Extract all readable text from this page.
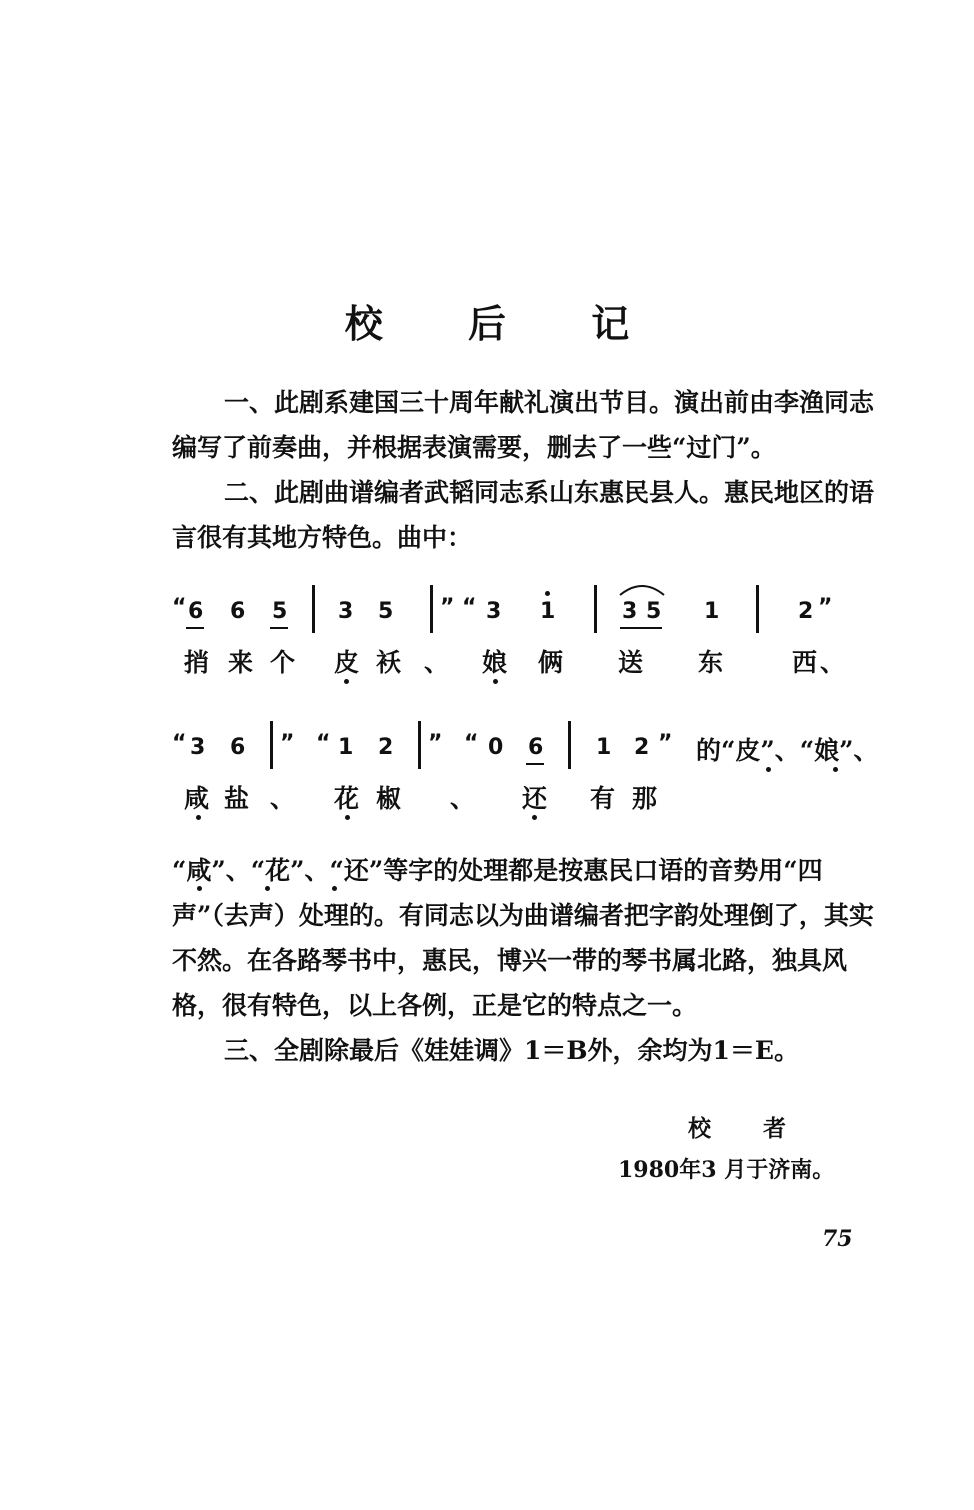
校 后 记
一、此剧系建国三十周年献礼演出节目。演出前由李渔同志编写了前奏曲，并根据表演需要，删去了一些“过门”。
二、此剧曲谱编者武韬同志系山东惠民县人。惠民地区的语言很有其地方特色。曲中：
“ 6 6 5 3 5 ” “ 3 1	3 5 1	2 ”
捎 来 个 皮 袄 、 娘 俩 送 东	西 、
“ 3 6 ” “ 1 2 ” “ 0 6 1 2 ” 的“皮”、“娘”、
咸 盐 、 花 椒 、 还 有 那
“咸”、“花”、“还”等字的处理都是按惠民口语的音势用“四声”（去声）处理的。有同志以为曲谱编者把字韵处理倒了，其实不然。在各路琴书中，惠民，博兴一带的琴书属北路，独具风格，很有特色，以上各例，正是它的特点之一。
三、全剧除最后《娃娃调》1＝B外，余均为1＝E。
校 者
1980年3 月于济南。
75
